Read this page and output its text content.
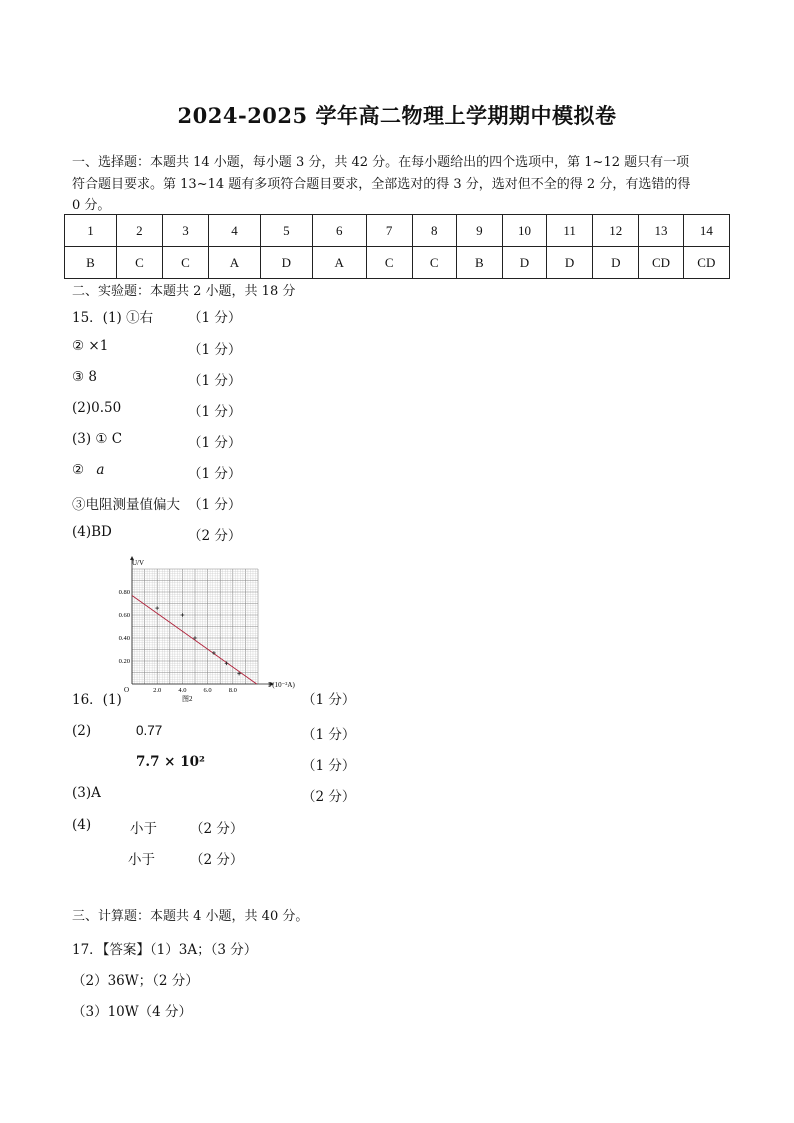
2024-2025 学年高二物理上学期期中模拟卷
一、选择题：本题共 14 小题，每小题 3 分，共 42 分。在每小题给出的四个选项中，第 1~12 题只有一项
符合题目要求。第 13~14 题有多项符合题目要求，全部选对的得 3 分，选对但不全的得 2 分，有选错的得
0 分。
1	2	3	4	5	6	7	8	9	10	11	12	13	14
B	C	C	A	D	A	C	C	B	D	D	D	CD	CD
二、实验题：本题共 2 小题，共 18 分
15．(1) ①右	（1 分）
② ×1	（1 分）
③ 8	（1 分）
(2)0.50	（1 分）
(3) ① C	（1 分）
② a	（1 分）
③电阻测量值偏大 （1 分）
(4)BD	（2 分）
O	2.0	4.0	6.0	8.0
0.20
0.40
0.60
0.80
U/V
I/(10⁻²A)
图2
16．(1)	（1 分）
(2)	0.77	（1 分）
7.7 × 10²	（1 分）
(3)A	（2 分）
(4)	小于 （2 分）
小于	（2 分）
三、计算题：本题共 4 小题，共 40 分。
17．【答案】（1）3A；（3 分）
（2）36W；（2 分）
（3）10W（4 分）
